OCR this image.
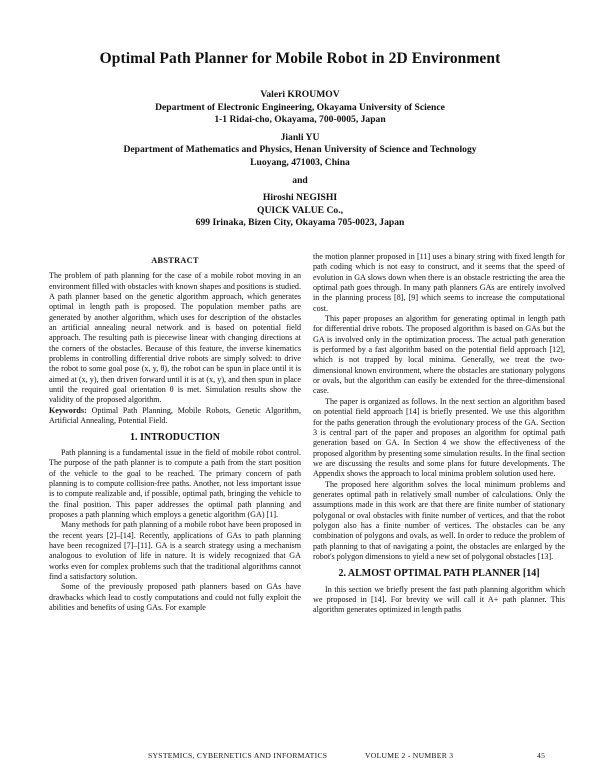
Optimal Path Planner for Mobile Robot in 2D Environment
Valeri KROUMOV
Department of Electronic Engineering, Okayama University of Science
1-1 Ridai-cho, Okayama, 700-0005, Japan
Jianli YU
Department of Mathematics and Physics, Henan University of Science and Technology
Luoyang, 471003, China
and
Hiroshi NEGISHI
QUICK VALUE Co.,
699 Irinaka, Bizen City, Okayama 705-0023, Japan
ABSTRACT

The problem of path planning for the case of a mobile robot moving in an environment filled with obstacles with known shapes and positions is studied. A path planner based on the genetic algorithm approach, which generates optimal in length path is proposed. The population member paths are generated by another algorithm, which uses for description of the obstacles an artificial annealing neural network and is based on potential field approach. The resulting path is piecewise linear with changing directions at the corners of the obstacles. Because of this feature, the inverse kinematics problems in controlling differential drive robots are simply solved: to drive the robot to some goal pose (x, y, θ), the robot can be spun in place until it is aimed at (x, y), then driven forward until it is at (x, y), and then spun in place until the required goal orientation θ is met. Simulation results show the validity of the proposed algorithm.

Keywords: Optimal Path Planning, Mobile Robots, Genetic Algorithm, Artificial Annealing, Potential Field.

1. INTRODUCTION

Path planning is a fundamental issue in the field of mobile robot control. The purpose of the path planner is to compute a path from the start position of the vehicle to the goal to be reached. The primary concern of path planning is to compute collision-free paths. Another, not less important issue is to compute realizable and, if possible, optimal path, bringing the vehicle to the final position. This paper addresses the optimal path planning and proposes a path planning which employs a genetic algorithm (GA) [1].

Many methods for path planning of a mobile robot have been proposed in the recent years [2]–[14]. Recently, applications of GAs to path planning have been recognized [7]–[11]. GA is a search strategy using a mechanism analogous to evolution of life in nature. It is widely recognized that GA works even for complex problems such that the traditional algorithms cannot find a satisfactory solution.

Some of the previously proposed path planners based on GAs have drawbacks which lead to costly computations and could not fully exploit the abilities and benefits of using GAs. For example

the motion planner proposed in [11] uses a binary string with fixed length for path coding which is not easy to construct, and it seems that the speed of evolution in GA slows down when there is an obstacle restricting the area the optimal path goes through. In many path planners GAs are entirely involved in the planning process [8], [9] which seems to increase the computational cost.

This paper proposes an algorithm for generating optimal in length path for differential drive robots. The proposed algorithm is based on GAs but the GA is involved only in the optimization process. The actual path generation is performed by a fast algorithm based on the potential field approach [12], which is not trapped by local minima. Generally, we treat the two-dimensional known environment, where the obstacles are stationary polygons or ovals, but the algorithm can easily be extended for the three-dimensional case.

The paper is organized as follows. In the next section an algorithm based on potential field approach [14] is briefly presented. We use this algorithm for the paths generation through the evolutionary process of the GA. Section 3 is central part of the paper and proposes an algorithm for optimal path generation based on GA. In Section 4 we show the effectiveness of the proposed algorithm by presenting some simulation results. In the final section we are discussing the results and some plans for future developments. The Appendix shows the approach to local minima problem solution used here.

The proposed here algorithm solves the local minimum problems and generates optimal path in relatively small number of calculations. Only the assumptions made in this work are that there are finite number of stationary polygonal or oval obstacles with finite number of vertices, and that the robot polygon also has a finite number of vertices. The obstacles can be any combination of polygons and ovals, as well. In order to reduce the problem of path planning to that of navigating a point, the obstacles are enlarged by the robot's polygon dimensions to yield a new set of polygonal obstacles [13].

2. ALMOST OPTIMAL PATH PLANNER [14]

In this section we briefly present the fast path planning algorithm which we proposed in [14]. For brevity we will call it A+ path planner. This algorithm generates optimized in length paths

SYSTEMICS, CYBERNETICS AND INFORMATICS	VOLUME 2 - NUMBER 3	45
